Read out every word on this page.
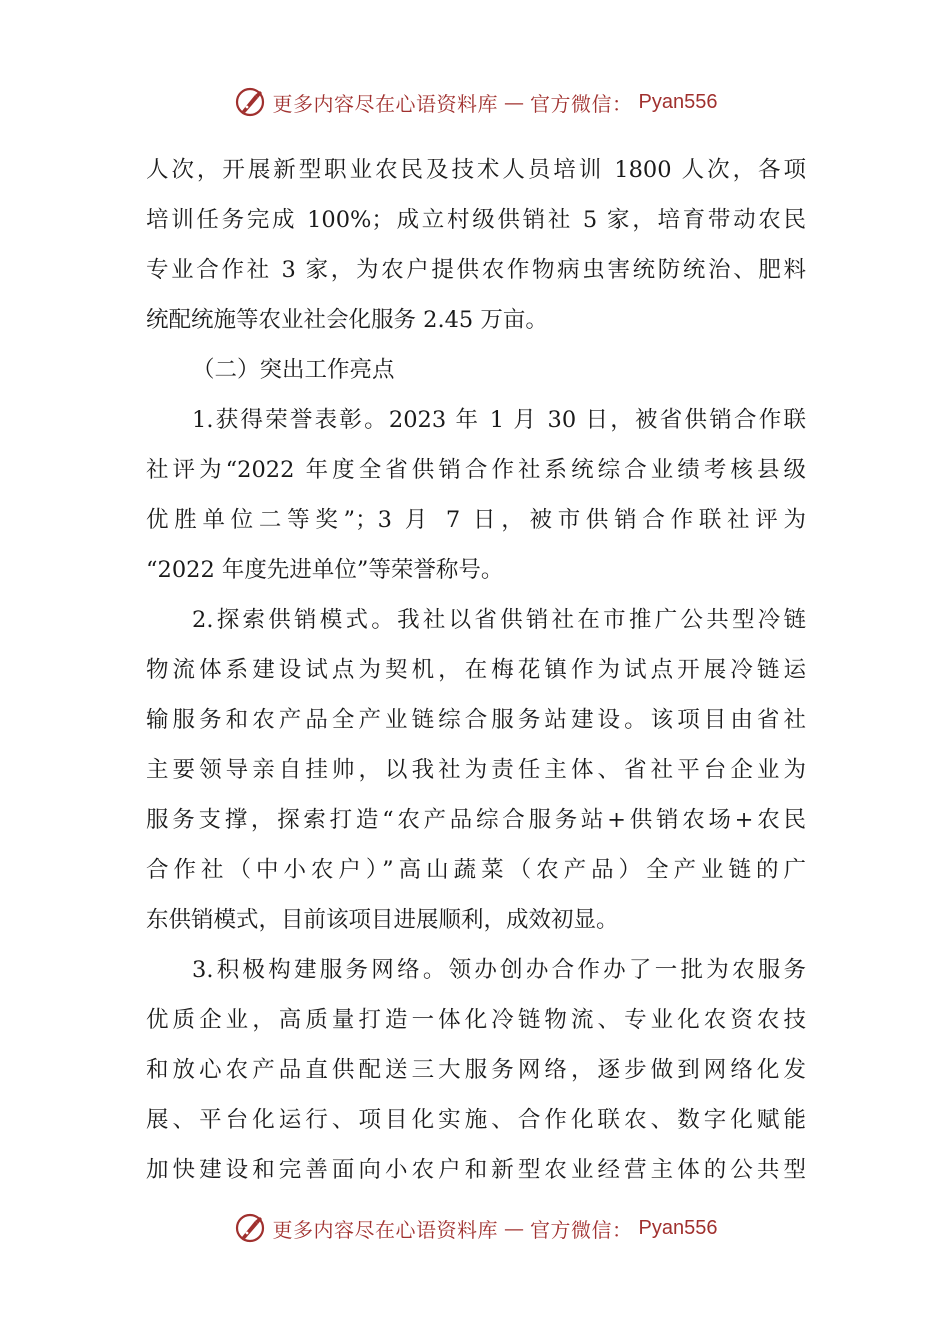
更多内容尽在心语资料库 — 官方微信： Pyan556
人次，开展新型职业农民及技术人员培训 1800 人次，各项
培训任务完成 100%；成立村级供销社 5 家，培育带动农民
专业合作社 3 家，为农户提供农作物病虫害统防统治、肥料
统配统施等农业社会化服务 2.45 万亩。
（二）突出工作亮点
1.获得荣誉表彰。2023 年 1 月 30 日，被省供销合作联
社评为“2022 年度全省供销合作社系统综合业绩考核县级
优胜单位二等奖”；3 月 7 日，被市供销合作联社评为
“2022 年度先进单位”等荣誉称号。
2.探索供销模式。我社以省供销社在市推广公共型冷链
物流体系建设试点为契机，在梅花镇作为试点开展冷链运
输服务和农产品全产业链综合服务站建设。该项目由省社
主要领导亲自挂帅，以我社为责任主体、省社平台企业为
服务支撑，探索打造“农产品综合服务站+供销农场+农民
合作社（中小农户）”高山蔬菜（农产品）全产业链的广
东供销模式，目前该项目进展顺利，成效初显。
3.积极构建服务网络。领办创办合作办了一批为农服务
优质企业，高质量打造一体化冷链物流、专业化农资农技
和放心农产品直供配送三大服务网络，逐步做到网络化发
展、平台化运行、项目化实施、合作化联农、数字化赋能
加快建设和完善面向小农户和新型农业经营主体的公共型
更多内容尽在心语资料库 — 官方微信： Pyan556
